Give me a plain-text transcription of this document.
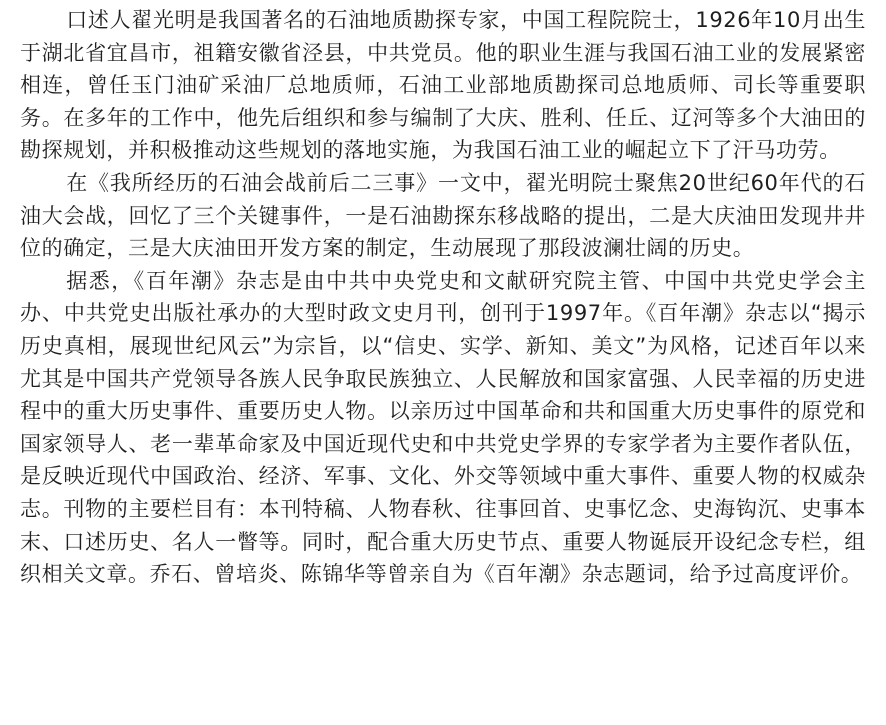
口述人翟光明是我国著名的石油地质勘探专家，中国工程院院士，1926年10月出生于湖北省宜昌市，祖籍安徽省泾县，中共党员。他的职业生涯与我国石油工业的发展紧密相连，曾任玉门油矿采油厂总地质师，石油工业部地质勘探司总地质师、司长等重要职务。在多年的工作中，他先后组织和参与编制了大庆、胜利、任丘、辽河等多个大油田的勘探规划，并积极推动这些规划的落地实施，为我国石油工业的崛起立下了汗马功劳。

在《我所经历的石油会战前后二三事》一文中，翟光明院士聚焦20世纪60年代的石油大会战，回忆了三个关键事件，一是石油勘探东移战略的提出，二是大庆油田发现井井位的确定，三是大庆油田开发方案的制定，生动展现了那段波澜壮阔的历史。

据悉，《百年潮》杂志是由中共中央党史和文献研究院主管、中国中共党史学会主办、中共党史出版社承办的大型时政文史月刊，创刊于1997年。《百年潮》杂志以“揭示历史真相，展现世纪风云”为宗旨，以“信史、实学、新知、美文”为风格，记述百年以来尤其是中国共产党领导各族人民争取民族独立、人民解放和国家富强、人民幸福的历史进程中的重大历史事件、重要历史人物。以亲历过中国革命和共和国重大历史事件的原党和国家领导人、老一辈革命家及中国近现代史和中共党史学界的专家学者为主要作者队伍，是反映近现代中国政治、经济、军事、文化、外交等领域中重大事件、重要人物的权威杂志。刊物的主要栏目有：本刊特稿、人物春秋、往事回首、史事忆念、史海钩沉、史事本末、口述历史、名人一瞥等。同时，配合重大历史节点、重要人物诞辰开设纪念专栏，组织相关文章。乔石、曾培炎、陈锦华等曾亲自为《百年潮》杂志题词，给予过高度评价。
